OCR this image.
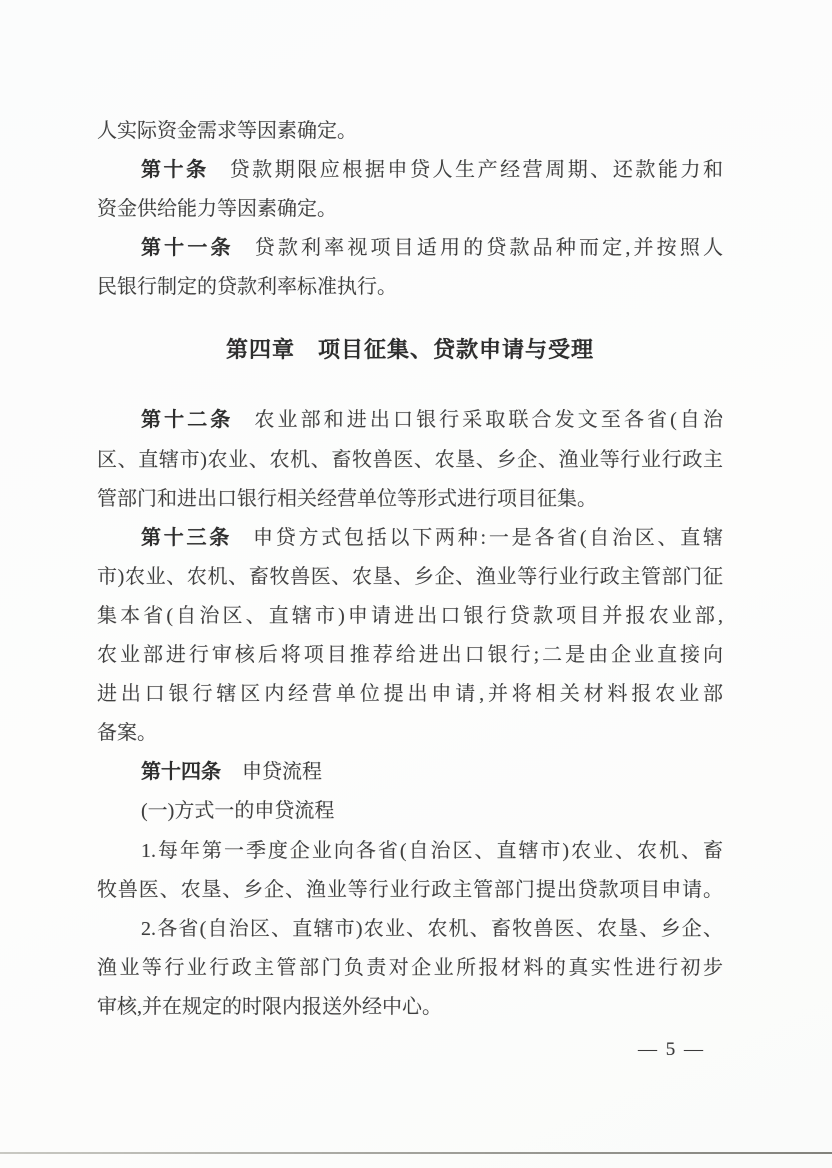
人实际资金需求等因素确定。
第十条 贷款期限应根据申贷人生产经营周期、还款能力和
资金供给能力等因素确定。
第十一条 贷款利率视项目适用的贷款品种而定,并按照人
民银行制定的贷款利率标准执行。
第四章　项目征集、贷款申请与受理
第十二条 农业部和进出口银行采取联合发文至各省(自治
区、直辖市)农业、农机、畜牧兽医、农垦、乡企、渔业等行业行政主
管部门和进出口银行相关经营单位等形式进行项目征集。
第十三条 申贷方式包括以下两种:一是各省(自治区、直辖
市)农业、农机、畜牧兽医、农垦、乡企、渔业等行业行政主管部门征
集本省(自治区、直辖市)申请进出口银行贷款项目并报农业部,
农业部进行审核后将项目推荐给进出口银行;二是由企业直接向
进出口银行辖区内经营单位提出申请,并将相关材料报农业部
备案。
第十四条 申贷流程
(一)方式一的申贷流程
1.每年第一季度企业向各省(自治区、直辖市)农业、农机、畜
牧兽医、农垦、乡企、渔业等行业行政主管部门提出贷款项目申请。
2.各省(自治区、直辖市)农业、农机、畜牧兽医、农垦、乡企、
渔业等行业行政主管部门负责对企业所报材料的真实性进行初步
审核,并在规定的时限内报送外经中心。
— 5 —
